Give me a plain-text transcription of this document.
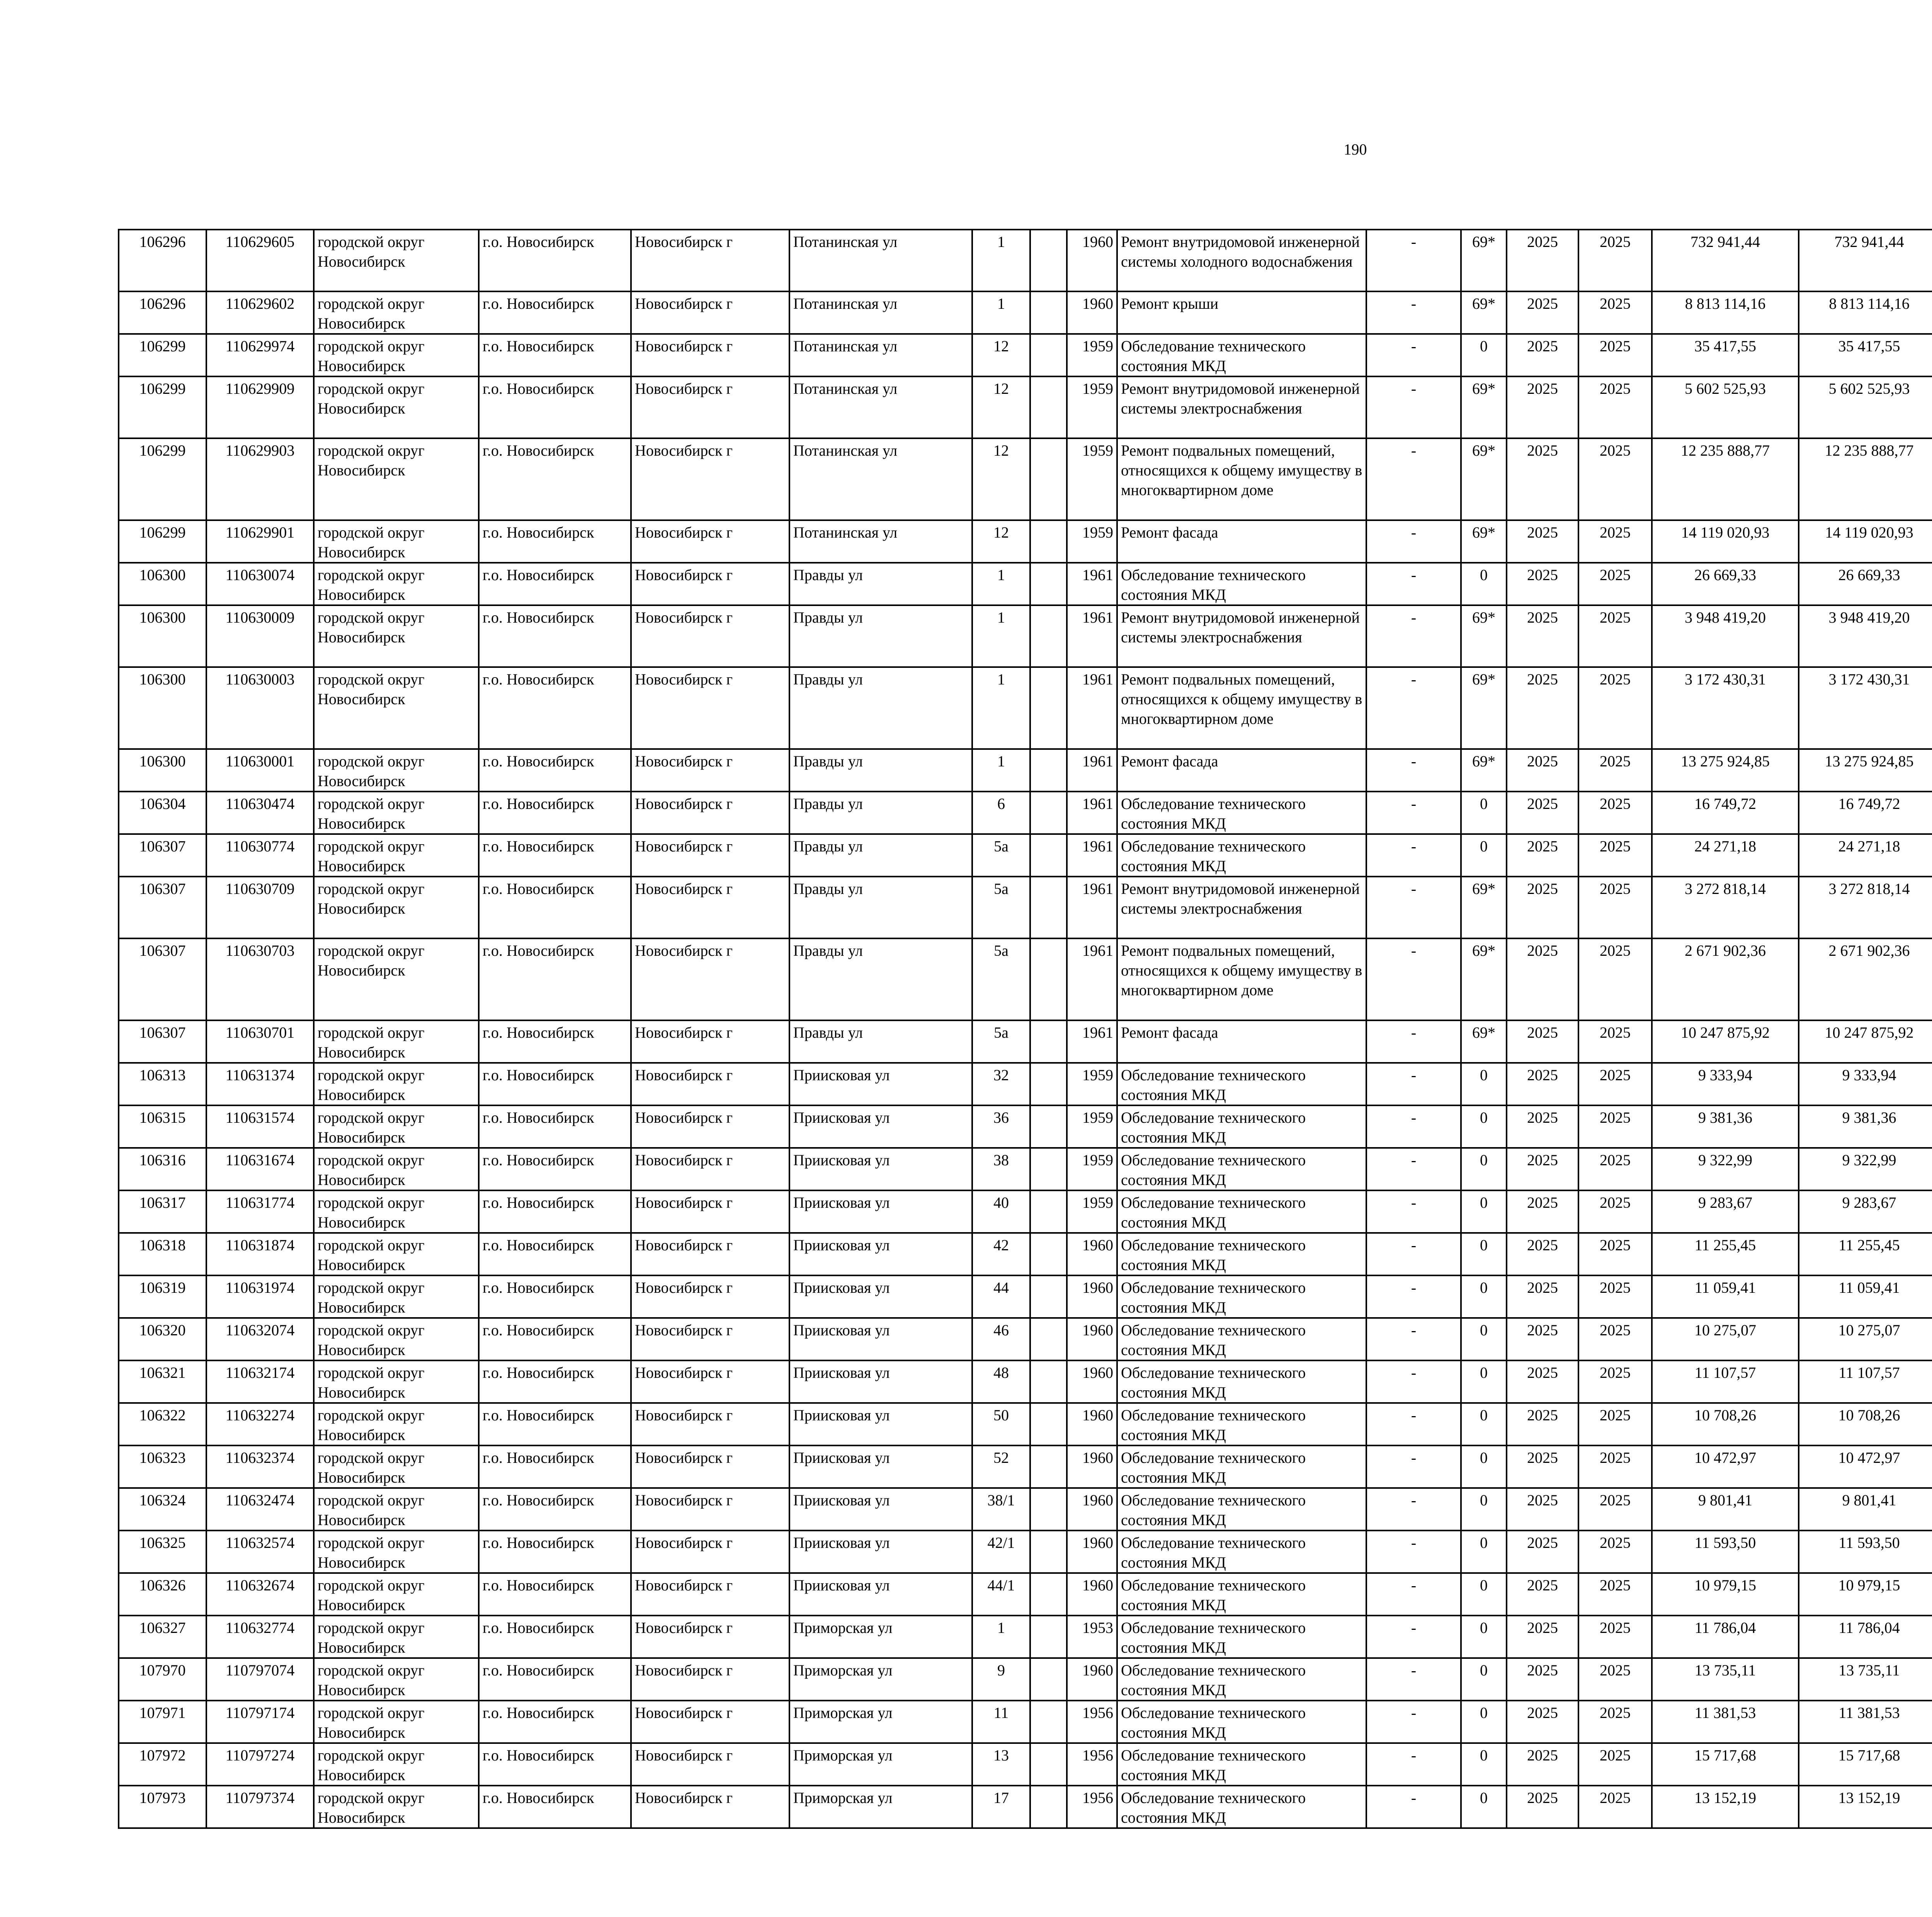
190
106296	110629605	городской округ Новосибирск	г.о. Новосибирск	Новосибирск г	Потанинская ул	1		1960	Ремонт внутридомовой инженерной системы холодного водоснабжения	-	69*	2025	2025	732 941,44	732 941,44						
106296	110629602	городской округ Новосибирск	г.о. Новосибирск	Новосибирск г	Потанинская ул	1		1960	Ремонт крыши	-	69*	2025	2025	8 813 114,16	8 813 114,16						
106299	110629974	городской округ Новосибирск	г.о. Новосибирск	Новосибирск г	Потанинская ул	12		1959	Обследование технического состояния МКД	-	0	2025	2025	35 417,55	35 417,55						
106299	110629909	городской округ Новосибирск	г.о. Новосибирск	Новосибирск г	Потанинская ул	12		1959	Ремонт внутридомовой инженерной системы электроснабжения	-	69*	2025	2025	5 602 525,93	5 602 525,93						
106299	110629903	городской округ Новосибирск	г.о. Новосибирск	Новосибирск г	Потанинская ул	12		1959	Ремонт подвальных помещений, относящихся к общему имуществу в многоквартирном доме	-	69*	2025	2025	12 235 888,77	12 235 888,77						
106299	110629901	городской округ Новосибирск	г.о. Новосибирск	Новосибирск г	Потанинская ул	12		1959	Ремонт фасада	-	69*	2025	2025	14 119 020,93	14 119 020,93						
106300	110630074	городской округ Новосибирск	г.о. Новосибирск	Новосибирск г	Правды ул	1		1961	Обследование технического состояния МКД	-	0	2025	2025	26 669,33	26 669,33						
106300	110630009	городской округ Новосибирск	г.о. Новосибирск	Новосибирск г	Правды ул	1		1961	Ремонт внутридомовой инженерной системы электроснабжения	-	69*	2025	2025	3 948 419,20	3 948 419,20						
106300	110630003	городской округ Новосибирск	г.о. Новосибирск	Новосибирск г	Правды ул	1		1961	Ремонт подвальных помещений, относящихся к общему имуществу в многоквартирном доме	-	69*	2025	2025	3 172 430,31	3 172 430,31						
106300	110630001	городской округ Новосибирск	г.о. Новосибирск	Новосибирск г	Правды ул	1		1961	Ремонт фасада	-	69*	2025	2025	13 275 924,85	13 275 924,85						
106304	110630474	городской округ Новосибирск	г.о. Новосибирск	Новосибирск г	Правды ул	6		1961	Обследование технического состояния МКД	-	0	2025	2025	16 749,72	16 749,72						
106307	110630774	городской округ Новосибирск	г.о. Новосибирск	Новосибирск г	Правды ул	5а		1961	Обследование технического состояния МКД	-	0	2025	2025	24 271,18	24 271,18						
106307	110630709	городской округ Новосибирск	г.о. Новосибирск	Новосибирск г	Правды ул	5а		1961	Ремонт внутридомовой инженерной системы электроснабжения	-	69*	2025	2025	3 272 818,14	3 272 818,14						
106307	110630703	городской округ Новосибирск	г.о. Новосибирск	Новосибирск г	Правды ул	5а		1961	Ремонт подвальных помещений, относящихся к общему имуществу в многоквартирном доме	-	69*	2025	2025	2 671 902,36	2 671 902,36						
106307	110630701	городской округ Новосибирск	г.о. Новосибирск	Новосибирск г	Правды ул	5а		1961	Ремонт фасада	-	69*	2025	2025	10 247 875,92	10 247 875,92						
106313	110631374	городской округ Новосибирск	г.о. Новосибирск	Новосибирск г	Приисковая ул	32		1959	Обследование технического состояния МКД	-	0	2025	2025	9 333,94	9 333,94						
106315	110631574	городской округ Новосибирск	г.о. Новосибирск	Новосибирск г	Приисковая ул	36		1959	Обследование технического состояния МКД	-	0	2025	2025	9 381,36	9 381,36						
106316	110631674	городской округ Новосибирск	г.о. Новосибирск	Новосибирск г	Приисковая ул	38		1959	Обследование технического состояния МКД	-	0	2025	2025	9 322,99	9 322,99						
106317	110631774	городской округ Новосибирск	г.о. Новосибирск	Новосибирск г	Приисковая ул	40		1959	Обследование технического состояния МКД	-	0	2025	2025	9 283,67	9 283,67						
106318	110631874	городской округ Новосибирск	г.о. Новосибирск	Новосибирск г	Приисковая ул	42		1960	Обследование технического состояния МКД	-	0	2025	2025	11 255,45	11 255,45						
106319	110631974	городской округ Новосибирск	г.о. Новосибирск	Новосибирск г	Приисковая ул	44		1960	Обследование технического состояния МКД	-	0	2025	2025	11 059,41	11 059,41						
106320	110632074	городской округ Новосибирск	г.о. Новосибирск	Новосибирск г	Приисковая ул	46		1960	Обследование технического состояния МКД	-	0	2025	2025	10 275,07	10 275,07						
106321	110632174	городской округ Новосибирск	г.о. Новосибирск	Новосибирск г	Приисковая ул	48		1960	Обследование технического состояния МКД	-	0	2025	2025	11 107,57	11 107,57						
106322	110632274	городской округ Новосибирск	г.о. Новосибирск	Новосибирск г	Приисковая ул	50		1960	Обследование технического состояния МКД	-	0	2025	2025	10 708,26	10 708,26						
106323	110632374	городской округ Новосибирск	г.о. Новосибирск	Новосибирск г	Приисковая ул	52		1960	Обследование технического состояния МКД	-	0	2025	2025	10 472,97	10 472,97						
106324	110632474	городской округ Новосибирск	г.о. Новосибирск	Новосибирск г	Приисковая ул	38/1		1960	Обследование технического состояния МКД	-	0	2025	2025	9 801,41	9 801,41						
106325	110632574	городской округ Новосибирск	г.о. Новосибирск	Новосибирск г	Приисковая ул	42/1		1960	Обследование технического состояния МКД	-	0	2025	2025	11 593,50	11 593,50						
106326	110632674	городской округ Новосибирск	г.о. Новосибирск	Новосибирск г	Приисковая ул	44/1		1960	Обследование технического состояния МКД	-	0	2025	2025	10 979,15	10 979,15						
106327	110632774	городской округ Новосибирск	г.о. Новосибирск	Новосибирск г	Приморская ул	1		1953	Обследование технического состояния МКД	-	0	2025	2025	11 786,04	11 786,04						
107970	110797074	городской округ Новосибирск	г.о. Новосибирск	Новосибирск г	Приморская ул	9		1960	Обследование технического состояния МКД	-	0	2025	2025	13 735,11	13 735,11						
107971	110797174	городской округ Новосибирск	г.о. Новосибирск	Новосибирск г	Приморская ул	11		1956	Обследование технического состояния МКД	-	0	2025	2025	11 381,53	11 381,53						
107972	110797274	городской округ Новосибирск	г.о. Новосибирск	Новосибирск г	Приморская ул	13		1956	Обследование технического состояния МКД	-	0	2025	2025	15 717,68	15 717,68						
107973	110797374	городской округ Новосибирск	г.о. Новосибирск	Новосибирск г	Приморская ул	17		1956	Обследование технического состояния МКД	-	0	2025	2025	13 152,19	13 152,19						
